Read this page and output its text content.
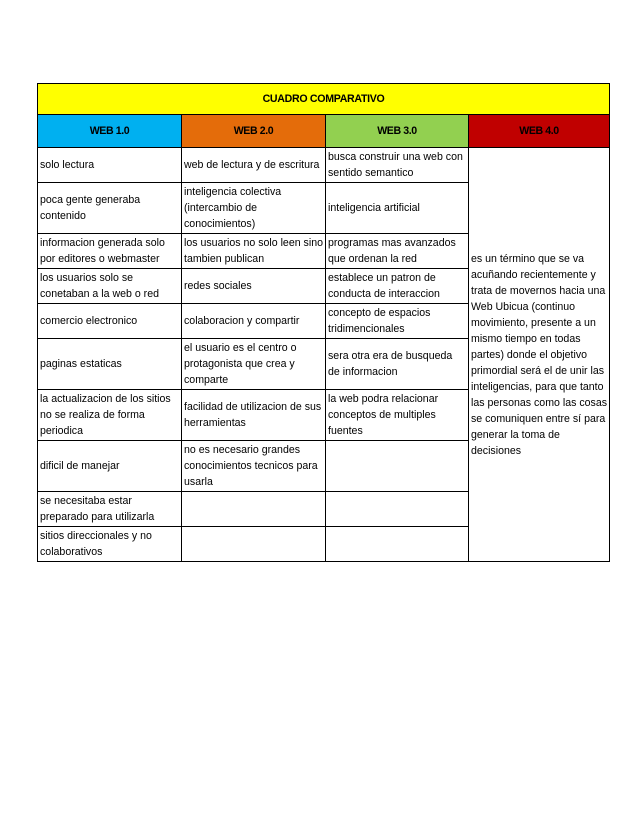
CUADRO COMPARATIVO			
WEB 1.0	WEB 2.0	WEB 3.0	WEB 4.0
solo lectura	web de lectura y de escritura	busca construir una web con sentido semantico	es un término que se va acuñando recientemente y trata de movernos hacia una Web Ubicua (continuo movimiento, presente a un mismo tiempo en todas partes) donde el objetivo primordial será el de unir las inteligencias, para que tanto las personas como las cosas se comuniquen entre sí para generar la toma de decisiones
poca gente generaba contenido	inteligencia colectiva (intercambio de conocimientos)	inteligencia artificial	
informacion generada solo por editores o webmaster	los usuarios no solo leen sino tambien publican	programas mas avanzados que ordenan la red	
los usuarios solo se conetaban a la web o red	redes sociales	establece un patron de conducta de interaccion	
comercio electronico	colaboracion y compartir	concepto de espacios tridimencionales	
paginas estaticas	el usuario es el centro o protagonista que crea y comparte	sera otra era de busqueda de informacion	
la actualizacion de los sitios no se realiza de forma periodica	facilidad de utilizacion de sus herramientas	la web podra relacionar conceptos de multiples fuentes	
dificil de manejar	no es necesario grandes conocimientos tecnicos para usarla		
se necesitaba estar preparado para utilizarla			
sitios direccionales y no colaborativos			
